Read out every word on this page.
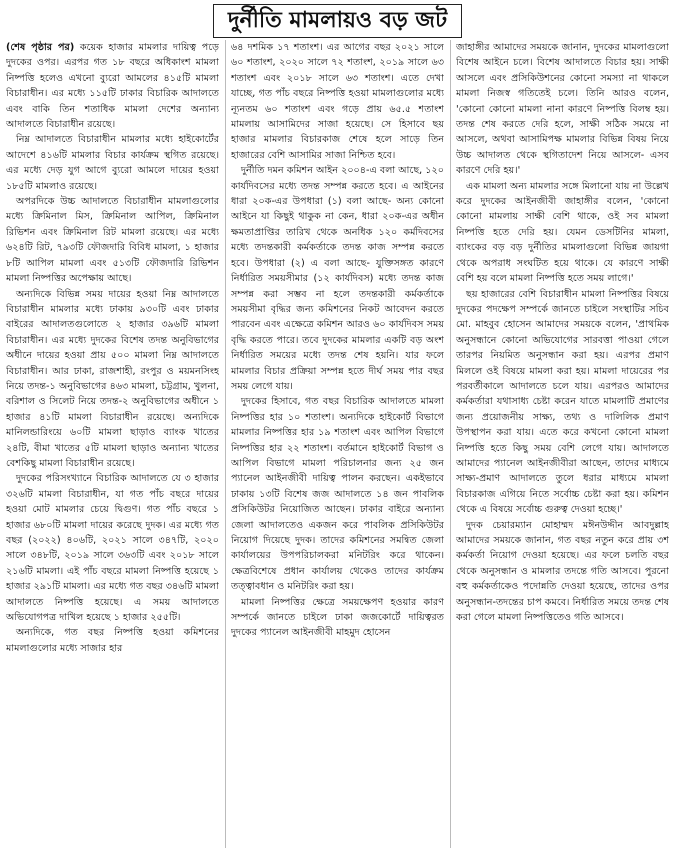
দুর্নীতি মামলায়ও বড় জট

(শেষ পৃষ্ঠার পর) কয়েক হাজার মামলার দায়িত্ব পড়ে দুদকের ওপর। এরপর গত ১৮ বছরে অধিকাংশ মামলা নিষ্পত্তি হলেও এখনো ব্যুরো আমলের ৪১৫টি মামলা বিচারাধীন। এর মধ্যে ১১৫টি ঢাকার বিচারিক আদালতে এবং বাকি তিন শতাধিক মামলা দেশের অন্যান্য আদালতে বিচারাধীন রয়েছে।

নিম্ন আদালতে বিচারাধীন মামলার মধ্যে হাইকোর্টের আদেশে ৪১৬টি মামলার বিচার কার্যক্রম স্থগিত রয়েছে। এর মধ্যে দেড় যুগ আগে ব্যুরো আমলে দায়ের হওয়া ১৮৫টি মামলাও রয়েছে।

অপরদিকে উচ্চ আদালতে বিচারাধীন মামলাগুলোর মধ্যে ক্রিমিনাল মিস, ক্রিমিনাল আপিল, ক্রিমিনাল রিভিশন এবং ক্রিমিনাল রিট মামলা রয়েছে। এর মধ্যে ৬২৪টি রিট, ৭৯৩টি ফৌজদারি বিবিধ মামলা, ১ হাজার ৮টি আপিল মামলা এবং ৫১৩টি ফৌজদারি রিভিশন মামলা নিষ্পত্তির অপেক্ষায় আছে।

অন্যদিকে বিভিন্ন সময় দায়ের হওয়া নিম্ন আদালতে বিচারাধীন মামলার মধ্যে ঢাকায় ৯৩০টি এবং ঢাকার বাইরের আদালতগুলোতে ২ হাজার ৩৯৬টি মামলা বিচারাধীন। এর মধ্যে দুদকের বিশেষ তদন্ত অনুবিভাগের অধীনে দায়ের হওয়া প্রায় ৫০০ মামলা নিম্ন আদালতে বিচারাধীন। আর ঢাকা, রাজশাহী, রংপুর ও ময়মনসিংহ নিয়ে তদন্ত-১ অনুবিভাগের ৪৬৩ মামলা, চট্টগ্রাম, খুলনা, বরিশাল ও সিলেট নিয়ে তদন্ত-২ অনুবিভাগের অধীনে ১ হাজার ৪১টি মামলা বিচারাধীন রয়েছে। অন্যদিকে মানিলন্ডারিংয়ে ৬০টি মামলা ছাড়াও ব্যাংক খাতের ২৪টি, বীমা খাতের ৫টি মামলা ছাড়াও অন্যান্য খাতের বেশকিছু মামলা বিচারাধীন রয়েছে।

দুদকের পরিসংখ্যানে বিচারিক আদালতে যে ৩ হাজার ৩২৬টি মামলা বিচারাধীন, যা গত পাঁচ বছরে দায়ের হওয়া মোট মামলার চেয়ে দ্বিগুণ। গত পাঁচ বছরে ১ হাজার ৬৮০টি মামলা দায়ের করেছে দুদক। এর মধ্যে গত বছর (২০২২) ৪০৬টি, ২০২১ সালে ৩৪৭টি, ২০২০ সালে ৩৪৮টি, ২০১৯ সালে ৩৬৩টি এবং ২০১৮ সালে ২১৬টি মামলা। এই পাঁচ বছরে মামলা নিষ্পত্তি হয়েছে ১ হাজার ২৯১টি মামলা। এর মধ্যে গত বছর ৩৪৬টি মামলা আদালতে নিষ্পত্তি হয়েছে। এ সময় আদালতে অভিযোগপত্র দাখিল হয়েছে ১ হাজার ২৫৫টি।

অন্যদিকে, গত বছর নিষ্পত্তি হওয়া কমিশনের মামলাগুলোর মধ্যে সাজার হার

৬৪ দশমিক ১৭ শতাংশ। এর আগের বছর ২০২১ সালে ৬০ শতাংশ, ২০২০ সালে ৭২ শতাংশ, ২০১৯ সালে ৬৩ শতাংশ এবং ২০১৮ সালে ৬৩ শতাংশ। এতে দেখা যাচ্ছে, গত পাঁচ বছরে নিষ্পত্তি হওয়া মামলাগুলোর মধ্যে ন্যূনতম ৬০ শতাংশ এবং গড়ে প্রায় ৬৫.৫ শতাংশ মামলায় আসামিদের সাজা হয়েছে। সে হিসাবে ছয় হাজার মামলার বিচারকাজ শেষে হলে সাড়ে তিন হাজারের বেশি আসামির সাজা নিশ্চিত হবে।

দুর্নীতি দমন কমিশন আইন ২০০৪-এ বলা আছে, ১২০ কার্যদিবসের মধ্যে তদন্ত সম্পন্ন করতে হবে। এ আইনের ধারা ২০ক-এর উপধারা (১) বলা আছে- অন্য কোনো আইনে যা কিছুই থাকুক না কেন, ধারা ২০ক-এর অধীন ক্ষমতাপ্রাপ্তির তারিখ থেকে অনধিক ১২০ কর্মদিবসের মধ্যে তদন্তকারী কর্মকর্তাকে তদন্ত কাজ সম্পন্ন করতে হবে। উপধারা (২) এ বলা আছে- যুক্তিসঙ্গত কারণে নির্ধারিত সময়সীমার (১২ কার্যদিবস) মধ্যে তদন্ত কাজ সম্পন্ন করা সম্ভব না হলে তদন্তকারী কর্মকর্তাকে সময়সীমা বৃদ্ধির জন্য কমিশনের নিকট আবেদন করতে পারবেন এবং এক্ষেত্রে কমিশন আরও ৬০ কার্যদিবস সময় বৃদ্ধি করতে পারে। তবে দুদকের মামলার একটি বড় অংশ নির্ধারিত সময়ের মধ্যে তদন্ত শেষ হয়নি। যার ফলে মামলার বিচার প্রক্রিয়া সম্পন্ন হতে দীর্ঘ সময় পার বছর সময় লেগে যায়।

দুদকের হিসাবে, গত বছর বিচারিক আদালতে মামলা নিষ্পত্তির হার ১০ শতাংশ। অন্যদিকে হাইকোর্ট বিভাগে মামলার নিষ্পত্তির হার ১৯ শতাংশ এবং আপিল বিভাগে নিষ্পত্তির হার ২২ শতাংশ। বর্তমানে হাইকোর্ট বিভাগ ও আপিল বিভাগে মামলা পরিচালনার জন্য ২৫ জন প্যানেল আইনজীবী দায়িত্ব পালন করছেন। একইভাবে ঢাকায় ১৩টি বিশেষ জজ আদালতে ১৪ জন পাবলিক প্রসিকিউটর নিয়োজিত আছেন। ঢাকার বাইরে অন্যান্য জেলা আদালতেও একজন করে পাবলিক প্রসিকিউটর নিয়োগ দিয়েছে দুদক। তাদের কমিশনের সমন্বিত জেলা কার্যালয়ের উপপরিচালকরা মনিটরিং করে থাকেন। ক্ষেত্রবিশেষে প্রধান কার্যালয় থেকেও তাদের কার্যক্রম তত্ত্বাবধান ও মনিটরিং করা হয়।

মামলা নিষ্পত্তির ক্ষেত্রে সময়ক্ষেপণ হওয়ার কারণ সম্পর্কে জানতে চাইলে ঢাকা জজকোর্টে দায়িত্বরত দুদকের প্যানেল আইনজীবী মাহমুদ হোসেন

জাহাঙ্গীর আমাদের সময়কে জানান, দুদকের মামলাগুলো বিশেষ আইনে চলে। বিশেষ আদালতে বিচার হয়। সাক্ষী আসলে এবং প্রসিকিউশনের কোনো সমস্যা না থাকলে মামলা নিজস্ব গতিতেই চলে। তিনি আরও বলেন, 'কোনো কোনো মামলা নানা কারণে নিষ্পত্তি বিলম্ব হয়। তদন্ত শেষ করতে দেরি হলে, সাক্ষী সঠিক সময়ে না আসলে, অথবা আসামিপক্ষ মামলার বিভিন্ন বিষয় নিয়ে উচ্চ আদালত থেকে স্থগিতাদেশ নিয়ে আসলে- এসব কারণে দেরি হয়।'

এক মামলা অন্য মামলার সঙ্গে মিলানো যায় না উল্লেখ করে দুদকের আইনজীবী জাহাঙ্গীর বলেন, 'কোনো কোনো মামলায় সাক্ষী বেশি থাকে, ওই সব মামলা নিষ্পত্তি হতে দেরি হয়। যেমন ডেসটিনির মামলা, ব্যাংকের বড় বড় দুর্নীতির মামলাগুলো বিভিন্ন জায়গা থেকে অপরাধ সংঘটিত হয়ে থাকে। যে কারণে সাক্ষী বেশি হয় বলে মামলা নিষ্পত্তি হতে সময় লাগে।'

ছয় হাজারের বেশি বিচারাধীন মামলা নিষ্পত্তির বিষয়ে দুদকের পদক্ষেপ সম্পর্কে জানতে চাইলে সংস্থাটির সচিব মো. মাহবুব হোসেন আমাদের সময়কে বলেন, 'প্রাথমিক অনুসন্ধানে কোনো অভিযোগের সারবত্তা পাওয়া গেলে তারপর নিয়মিত অনুসন্ধান করা হয়। এরপর প্রমাণ মিললে ওই বিষয়ে মামলা করা হয়। মামলা দায়েরের পর পরবর্তীকালে আদালতে চলে যায়। এরপরও আমাদের কর্মকর্তারা যথাসাধ্য চেষ্টা করেন যাতে মামলাটি প্রমাণের জন্য প্রয়োজনীয় সাক্ষ্য, তথ্য ও দালিলিক প্রমাণ উপস্থাপন করা যায়। এতে করে কখনো কোনো মামলা নিষ্পত্তি হতে কিছু সময় বেশি লেগে যায়। আদালতে আমাদের প্যানেল আইনজীবীরা আছেন, তাদের মাধ্যমে সাক্ষ্য-প্রমাণ আদালতে তুলে ধরার মাধ্যমে মামলা বিচারকাজ এগিয়ে নিতে সর্বোচ্চ চেষ্টা করা হয়। কমিশন থেকে এ বিষয়ে সর্বোচ্চ গুরুত্ব দেওয়া হচ্ছে।'

দুদক চেয়ারম্যান মোহাম্মদ মঈনউদ্দীন আবদুল্লাহ আমাদের সময়কে জানান, গত বছর নতুন করে প্রায় ৩শ কর্মকর্তা নিয়োগ দেওয়া হয়েছে। এর ফলে চলতি বছর থেকে অনুসন্ধান ও মামলার তদন্তে গতি আসবে। পুরনো বহু কর্মকর্তাকেও পদোন্নতি দেওয়া হয়েছে, তাদের ওপর অনুসন্ধান-তদন্তের চাপ কমবে। নির্ধারিত সময়ে তদন্ত শেষ করা গেলে মামলা নিষ্পত্তিতেও গতি আসবে।
